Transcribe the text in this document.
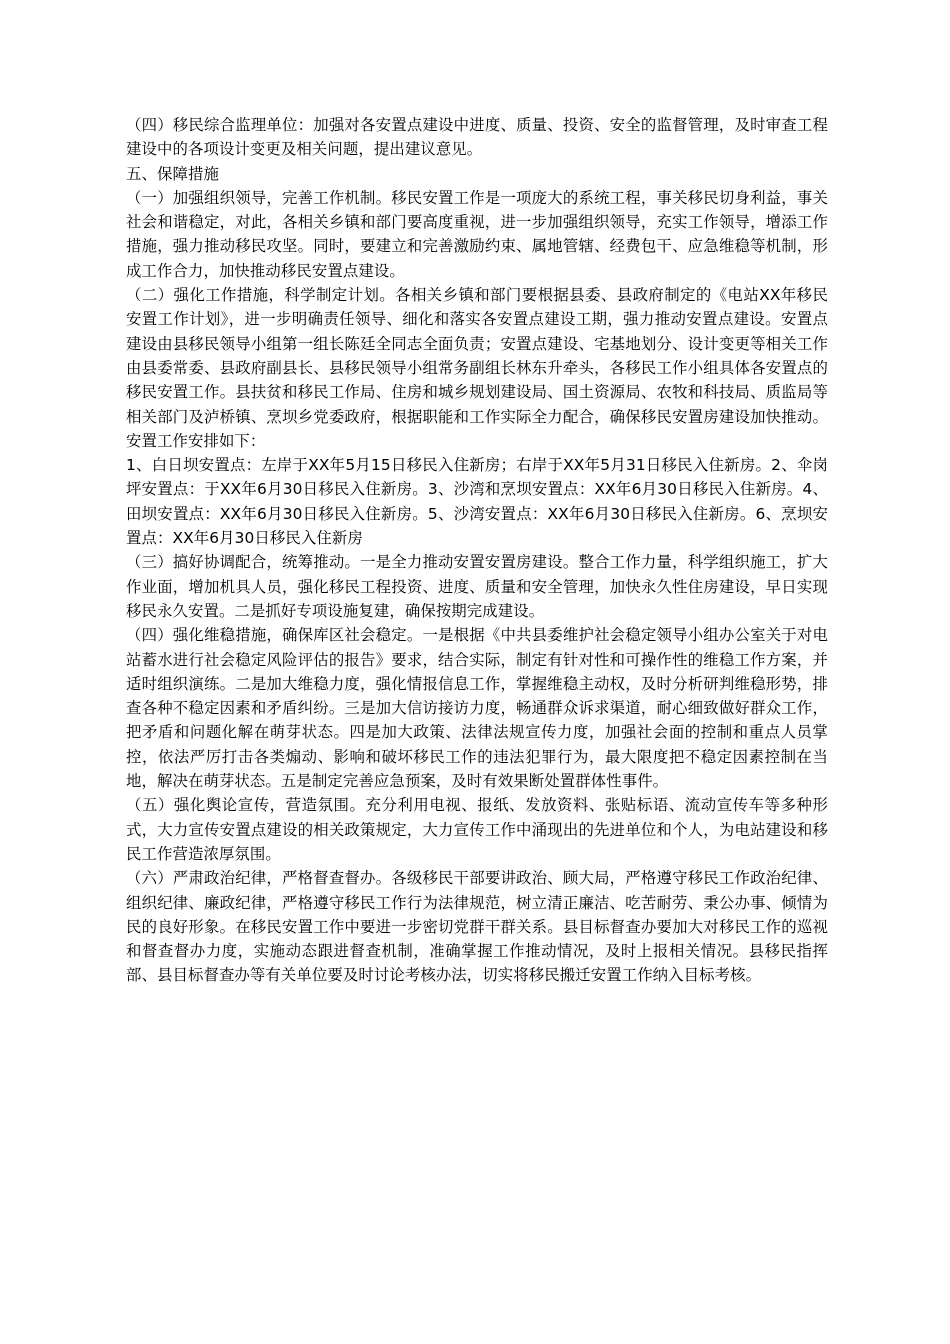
（四）移民综合监理单位：加强对各安置点建设中进度、质量、投资、安全的监督管理，及时审查工程建设中的各项设计变更及相关问题，提出建议意见。

五、保障措施

（一）加强组织领导，完善工作机制。移民安置工作是一项庞大的系统工程，事关移民切身利益，事关社会和谐稳定，对此，各相关乡镇和部门要高度重视，进一步加强组织领导，充实工作领导，增添工作措施，强力推动移民攻坚。同时，要建立和完善激励约束、属地管辖、经费包干、应急维稳等机制，形成工作合力，加快推动移民安置点建设。

（二）强化工作措施，科学制定计划。各相关乡镇和部门要根据县委、县政府制定的《电站XX年移民安置工作计划》，进一步明确责任领导、细化和落实各安置点建设工期，强力推动安置点建设。安置点建设由县移民领导小组第一组长陈廷全同志全面负责；安置点建设、宅基地划分、设计变更等相关工作由县委常委、县政府副县长、县移民领导小组常务副组长林东升牵头，各移民工作小组具体各安置点的移民安置工作。县扶贫和移民工作局、住房和城乡规划建设局、国土资源局、农牧和科技局、质监局等相关部门及泸桥镇、烹坝乡党委政府，根据职能和工作实际全力配合，确保移民安置房建设加快推动。安置工作安排如下：

1、白日坝安置点：左岸于XX年5月15日移民入住新房；右岸于XX年5月31日移民入住新房。2、伞岗坪安置点：于XX年6月30日移民入住新房。3、沙湾和烹坝安置点：XX年6月30日移民入住新房。4、田坝安置点：XX年6月30日移民入住新房。5、沙湾安置点：XX年6月30日移民入住新房。6、烹坝安置点：XX年6月30日移民入住新房

（三）搞好协调配合，统筹推动。一是全力推动安置安置房建设。整合工作力量，科学组织施工，扩大作业面，增加机具人员，强化移民工程投资、进度、质量和安全管理，加快永久性住房建设，早日实现移民永久安置。二是抓好专项设施复建，确保按期完成建设。

（四）强化维稳措施，确保库区社会稳定。一是根据《中共县委维护社会稳定领导小组办公室关于对电站蓄水进行社会稳定风险评估的报告》要求，结合实际，制定有针对性和可操作性的维稳工作方案，并适时组织演练。二是加大维稳力度，强化情报信息工作，掌握维稳主动权，及时分析研判维稳形势，排查各种不稳定因素和矛盾纠纷。三是加大信访接访力度，畅通群众诉求渠道，耐心细致做好群众工作，把矛盾和问题化解在萌芽状态。四是加大政策、法律法规宣传力度，加强社会面的控制和重点人员掌控，依法严厉打击各类煽动、影响和破坏移民工作的违法犯罪行为，最大限度把不稳定因素控制在当地，解决在萌芽状态。五是制定完善应急预案，及时有效果断处置群体性事件。

（五）强化舆论宣传，营造氛围。充分利用电视、报纸、发放资料、张贴标语、流动宣传车等多种形式，大力宣传安置点建设的相关政策规定，大力宣传工作中涌现出的先进单位和个人，为电站建设和移民工作营造浓厚氛围。

（六）严肃政治纪律，严格督查督办。各级移民干部要讲政治、顾大局，严格遵守移民工作政治纪律、组织纪律、廉政纪律，严格遵守移民工作行为法律规范，树立清正廉洁、吃苦耐劳、秉公办事、倾情为民的良好形象。在移民安置工作中要进一步密切党群干群关系。县目标督查办要加大对移民工作的巡视和督查督办力度，实施动态跟进督查机制，准确掌握工作推动情况，及时上报相关情况。县移民指挥部、县目标督查办等有关单位要及时讨论考核办法，切实将移民搬迁安置工作纳入目标考核。
